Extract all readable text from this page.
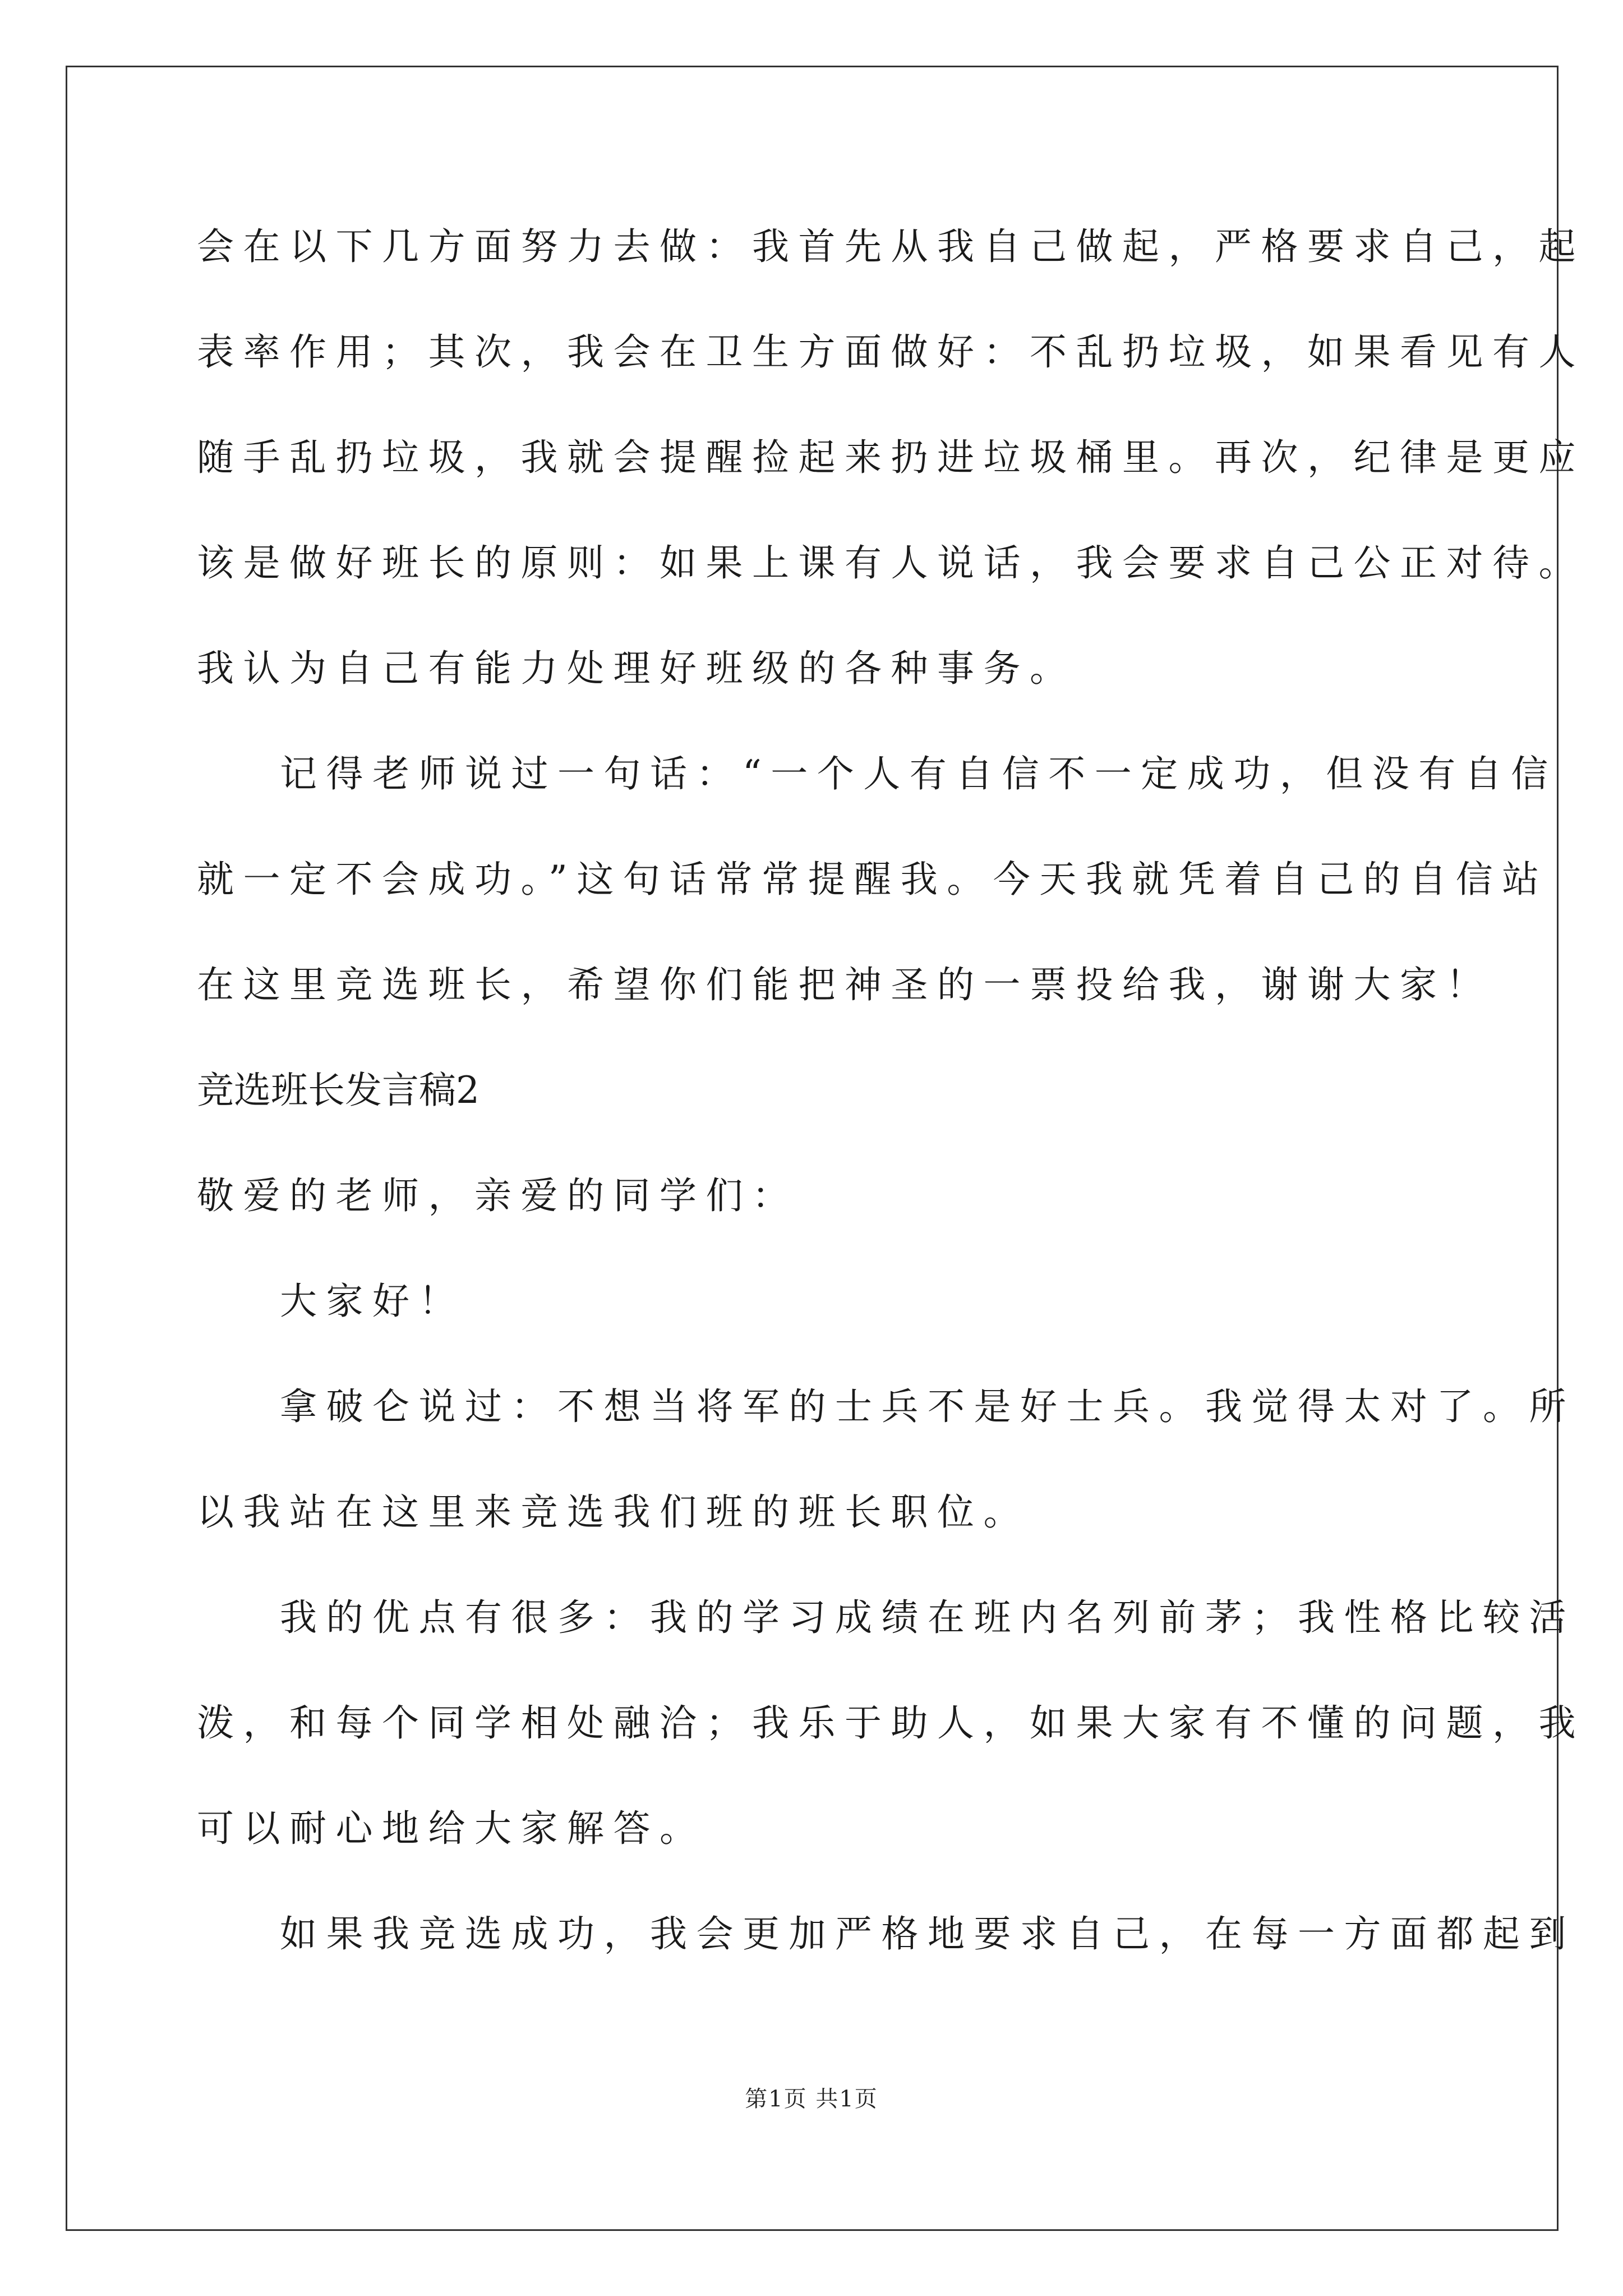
会在以下几方面努力去做：我首先从我自己做起，严格要求自己，起
表率作用；其次，我会在卫生方面做好：不乱扔垃圾，如果看见有人
随手乱扔垃圾，我就会提醒捡起来扔进垃圾桶里。再次，纪律是更应
该是做好班长的原则：如果上课有人说话，我会要求自己公正对待。
我认为自己有能力处理好班级的各种事务。
记得老师说过一句话：“一个人有自信不一定成功，但没有自信
就一定不会成功。”这句话常常提醒我。今天我就凭着自己的自信站
在这里竞选班长，希望你们能把神圣的一票投给我，谢谢大家！
竞选班长发言稿2
敬爱的老师，亲爱的同学们：
大家好！
拿破仑说过：不想当将军的士兵不是好士兵。我觉得太对了。所
以我站在这里来竞选我们班的班长职位。
我的优点有很多：我的学习成绩在班内名列前茅；我性格比较活
泼，和每个同学相处融洽；我乐于助人，如果大家有不懂的问题，我
可以耐心地给大家解答。
如果我竞选成功，我会更加严格地要求自己，在每一方面都起到
第1页 共1页
